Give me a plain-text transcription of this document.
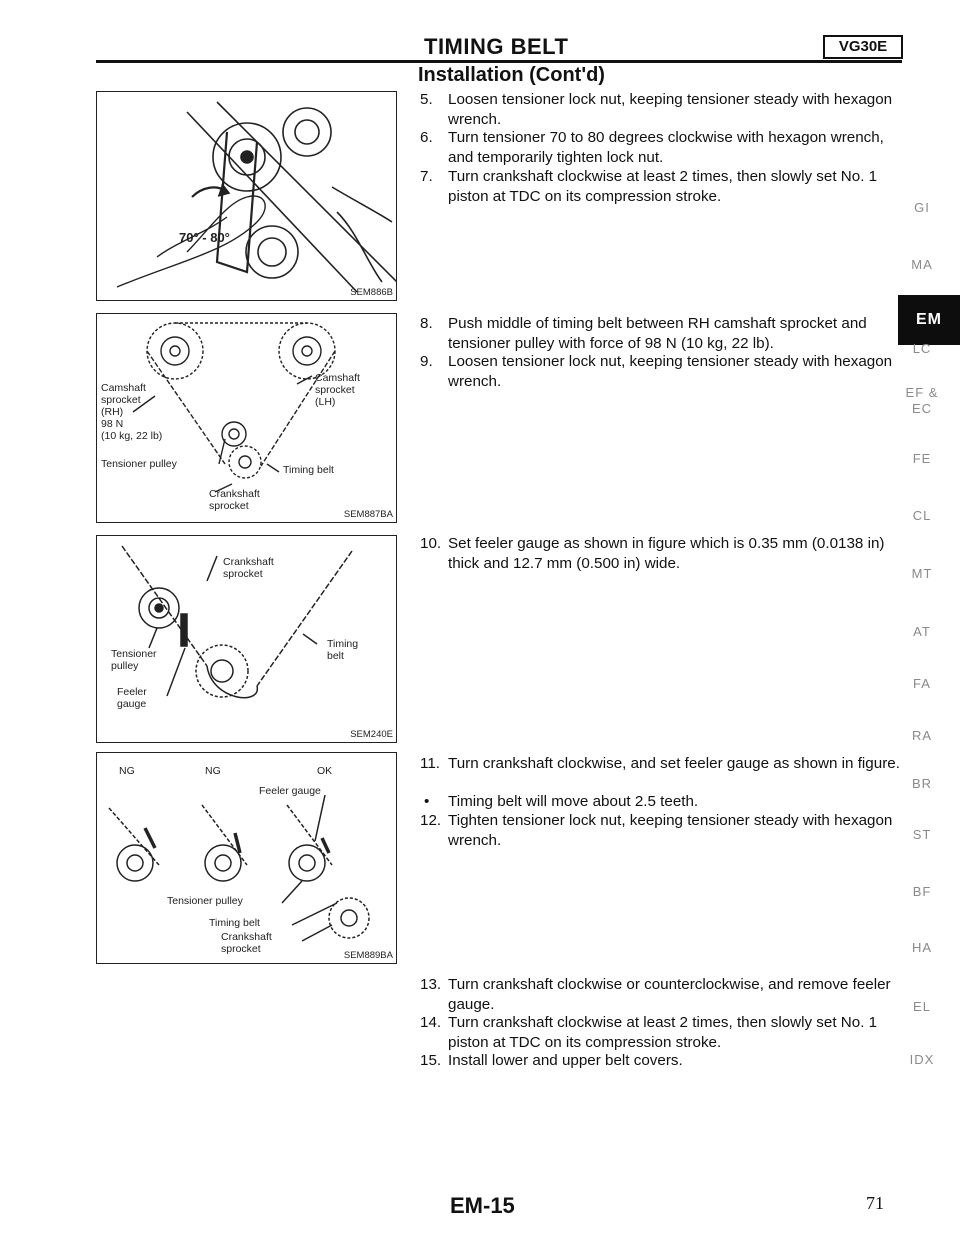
TIMING BELT	VG30E
Installation (Cont'd)
70° - 80°
SEM886B
Camshaft
sprocket
(RH)
98 N
(10 kg, 22 lb)
Tensioner pulley
Camshaft
sprocket
(LH)
Timing belt
Crankshaft
sprocket
SEM887BA
Crankshaft
sprocket
Tensioner
pulley
Feeler
gauge
Timing
belt
SEM240E
NG	NG	OK
Feeler gauge
Tensioner pulley
Timing belt
Crankshaft
sprocket
SEM889BA
5. Loosen tensioner lock nut, keeping tensioner steady with hexagon wrench.
6. Turn tensioner 70 to 80 degrees clockwise with hexagon wrench, and temporarily tighten lock nut.
7. Turn crankshaft clockwise at least 2 times, then slowly set No. 1 piston at TDC on its compression stroke.
8. Push middle of timing belt between RH camshaft sprocket and tensioner pulley with force of 98 N (10 kg, 22 lb).
9. Loosen tensioner lock nut, keeping tensioner steady with hexagon wrench.
10. Set feeler gauge as shown in figure which is 0.35 mm (0.0138 in) thick and 12.7 mm (0.500 in) wide.
11. Turn crankshaft clockwise, and set feeler gauge as shown in figure.
• Timing belt will move about 2.5 teeth.
12. Tighten tensioner lock nut, keeping tensioner steady with hexagon wrench.
13. Turn crankshaft clockwise or counterclockwise, and remove feeler gauge.
14. Turn crankshaft clockwise at least 2 times, then slowly set No. 1 piston at TDC on its compression stroke.
15. Install lower and upper belt covers.
GI
MA
EM
LC
EF &
EC
FE
CL
MT
AT
FA
RA
BR
ST
BF
HA
EL
IDX
EM-15	71
